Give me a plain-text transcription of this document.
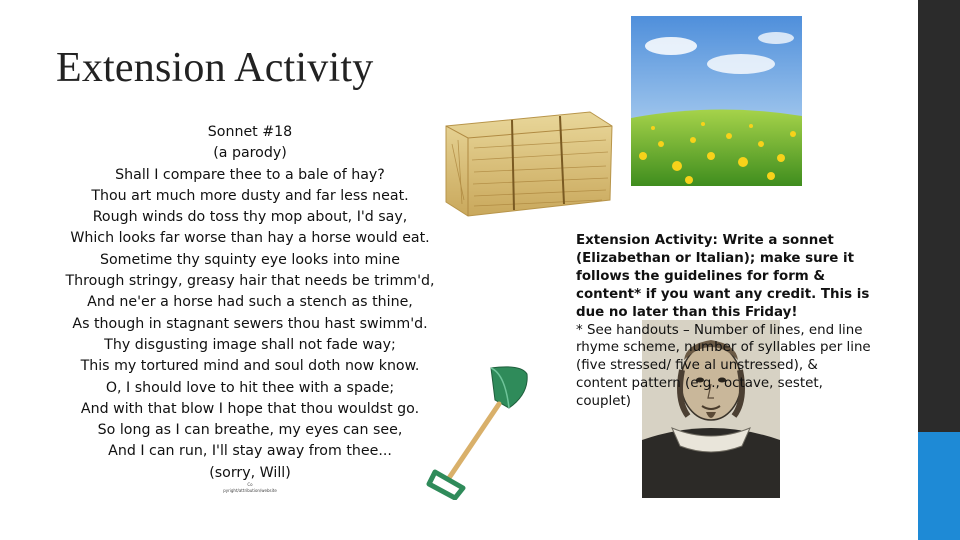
Extension Activity
Sonnet #18
(a parody)
Shall I compare thee to a bale of hay?
Thou art much more dusty and far less neat.
Rough winds do toss thy mop about, I'd say,
Which looks far worse than hay a horse would eat.
Sometime thy squinty eye looks into mine
Through stringy, greasy hair that needs be trimm'd,
And ne'er a horse had such a stench as thine,
As though in stagnant sewers thou hast swimm'd.
Thy disgusting image shall not fade way;
This my tortured mind and soul doth now know.
O, I should love to hit thee with a spade;
And with that blow I hope that thou wouldst go.
So long as I can breathe, my eyes can see,
And I can run, I'll stay away from thee...
(sorry, Will)
Co
pyright/attribution/website

Extension Activity: Write a sonnet (Elizabethan or Italian); make sure it follows the guidelines for form & content* if you want any credit. This is due no later than this Friday!

* See handouts – Number of lines, end line rhyme scheme, number of syllables per line (five stressed/ five al unstressed), & content pattern (e.g., octave, sestet, couplet)
